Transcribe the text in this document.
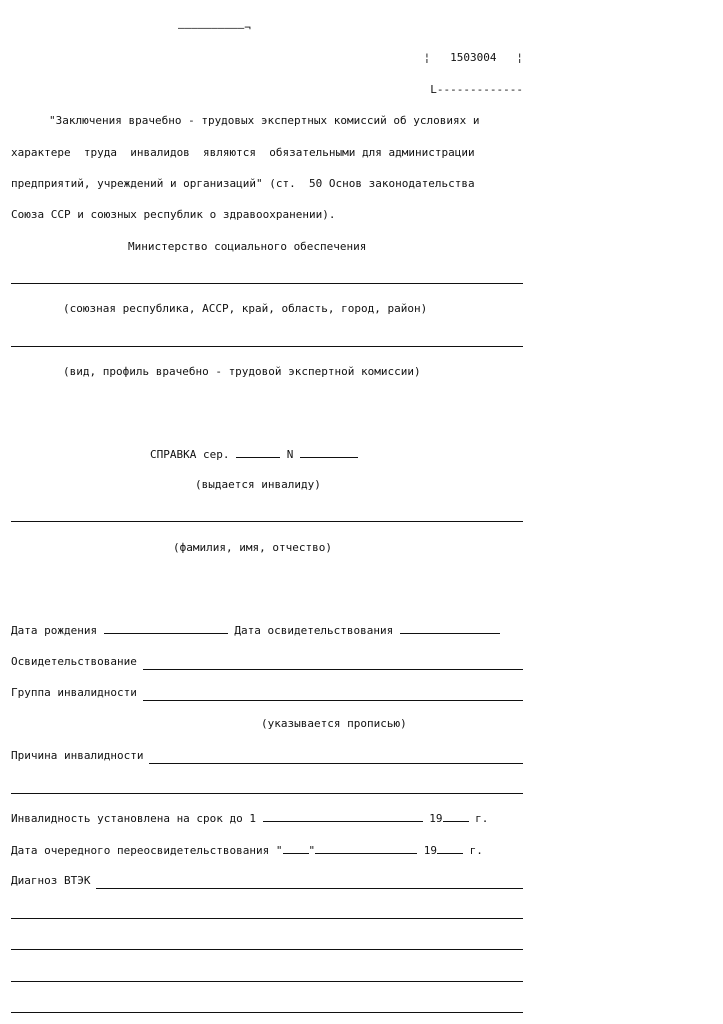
——————————¬
¦   1503004   ¦
L-------------
"Заключения врачебно - трудовых экспертных комиссий об условиях и
характере  труда  инвалидов  являются  обязательными для администрации
предприятий, учреждений и организаций" (ст.  50 Основ законодательства
Союза ССР и союзных республик о здравоохранении).
Министерство социального обеспечения
(союзная республика, АССР, край, область, город, район)
(вид, профиль врачебно - трудовой экспертной комиссии)
СПРАВКА сер.	N
(выдается инвалиду)
(фамилия, имя, отчество)
Дата рождения	Дата освидетельствования
Освидетельствование
Группа инвалидности
(указывается прописью)
Причина инвалидности
Инвалидность установлена на срок до 1	19	г.
Дата очередного переосвидетельствования " "	19	г.
Диагноз ВТЭК
